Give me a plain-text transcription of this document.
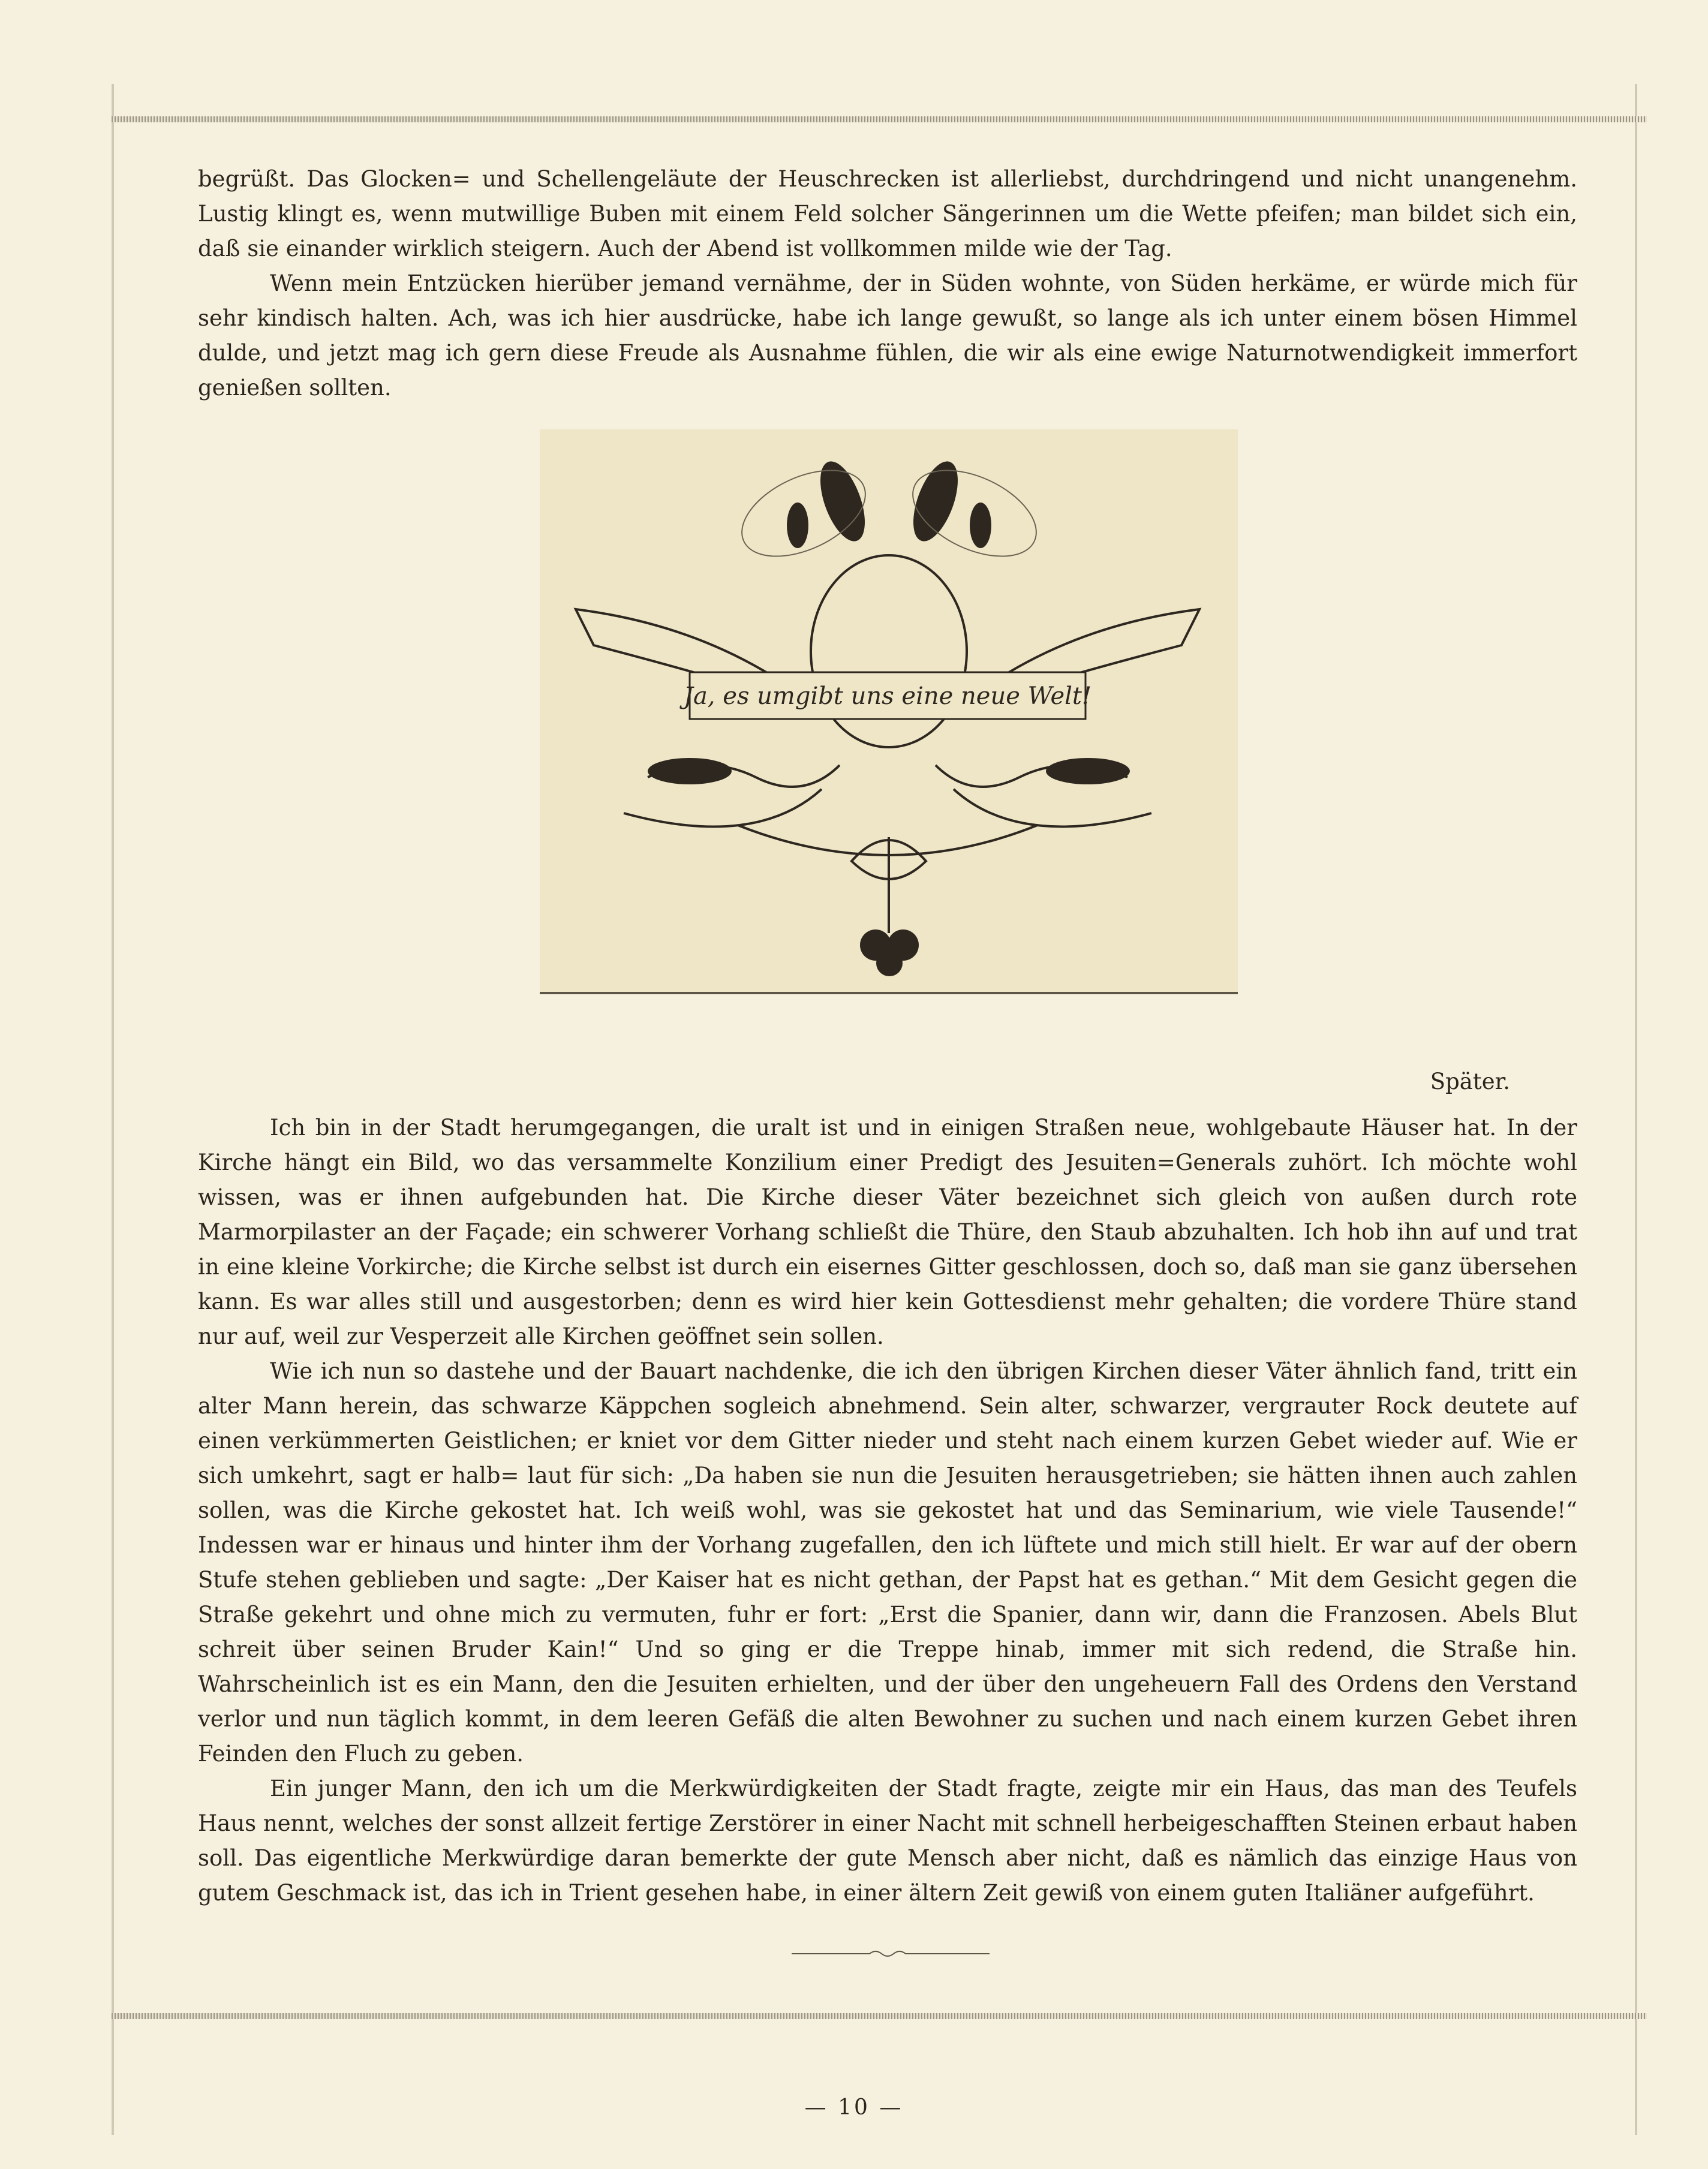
begrüßt. Das Glocken= und Schellengeläute der Heuschrecken ist allerliebst, durchdringend und nicht unangenehm. Lustig klingt es, wenn mutwillige Buben mit einem Feld solcher Sängerinnen um die Wette pfeifen; man bildet sich ein, daß sie einander wirklich steigern. Auch der Abend ist vollkommen milde wie der Tag.

Wenn mein Entzücken hierüber jemand vernähme, der in Süden wohnte, von Süden herkäme, er würde mich für sehr kindisch halten. Ach, was ich hier ausdrücke, habe ich lange gewußt, so lange als ich unter einem bösen Himmel dulde, und jetzt mag ich gern diese Freude als Ausnahme fühlen, die wir als eine ewige Naturnotwendigkeit immerfort genießen sollten.

Ja, es umgibt uns eine neue Welt!
Später.

Ich bin in der Stadt herumgegangen, die uralt ist und in einigen Straßen neue, wohlgebaute Häuser hat. In der Kirche hängt ein Bild, wo das versammelte Konzilium einer Predigt des Jesuiten=Generals zuhört. Ich möchte wohl wissen, was er ihnen aufgebunden hat. Die Kirche dieser Väter bezeichnet sich gleich von außen durch rote Marmorpilaster an der Façade; ein schwerer Vorhang schließt die Thüre, den Staub abzuhalten. Ich hob ihn auf und trat in eine kleine Vorkirche; die Kirche selbst ist durch ein eisernes Gitter geschlossen, doch so, daß man sie ganz übersehen kann. Es war alles still und ausgestorben; denn es wird hier kein Gottesdienst mehr gehalten; die vordere Thüre stand nur auf, weil zur Vesperzeit alle Kirchen geöffnet sein sollen.

Wie ich nun so dastehe und der Bauart nachdenke, die ich den übrigen Kirchen dieser Väter ähnlich fand, tritt ein alter Mann herein, das schwarze Käppchen sogleich abnehmend. Sein alter, schwarzer, vergrauter Rock deutete auf einen verkümmerten Geistlichen; er kniet vor dem Gitter nieder und steht nach einem kurzen Gebet wieder auf. Wie er sich umkehrt, sagt er halb= laut für sich: „Da haben sie nun die Jesuiten herausgetrieben; sie hätten ihnen auch zahlen sollen, was die Kirche gekostet hat. Ich weiß wohl, was sie gekostet hat und das Seminarium, wie viele Tausende!“ Indessen war er hinaus und hinter ihm der Vorhang zugefallen, den ich lüftete und mich still hielt. Er war auf der obern Stufe stehen geblieben und sagte: „Der Kaiser hat es nicht gethan, der Papst hat es gethan.“ Mit dem Gesicht gegen die Straße gekehrt und ohne mich zu vermuten, fuhr er fort: „Erst die Spanier, dann wir, dann die Franzosen. Abels Blut schreit über seinen Bruder Kain!“ Und so ging er die Treppe hinab, immer mit sich redend, die Straße hin. Wahrscheinlich ist es ein Mann, den die Jesuiten erhielten, und der über den ungeheuern Fall des Ordens den Verstand verlor und nun täglich kommt, in dem leeren Gefäß die alten Bewohner zu suchen und nach einem kurzen Gebet ihren Feinden den Fluch zu geben.

Ein junger Mann, den ich um die Merkwürdigkeiten der Stadt fragte, zeigte mir ein Haus, das man des Teufels Haus nennt, welches der sonst allzeit fertige Zerstörer in einer Nacht mit schnell herbeigeschafften Steinen erbaut haben soll. Das eigentliche Merkwürdige daran bemerkte der gute Mensch aber nicht, daß es nämlich das einzige Haus von gutem Geschmack ist, das ich in Trient gesehen habe, in einer ältern Zeit gewiß von einem guten Italiäner aufgeführt.

— 10 —
